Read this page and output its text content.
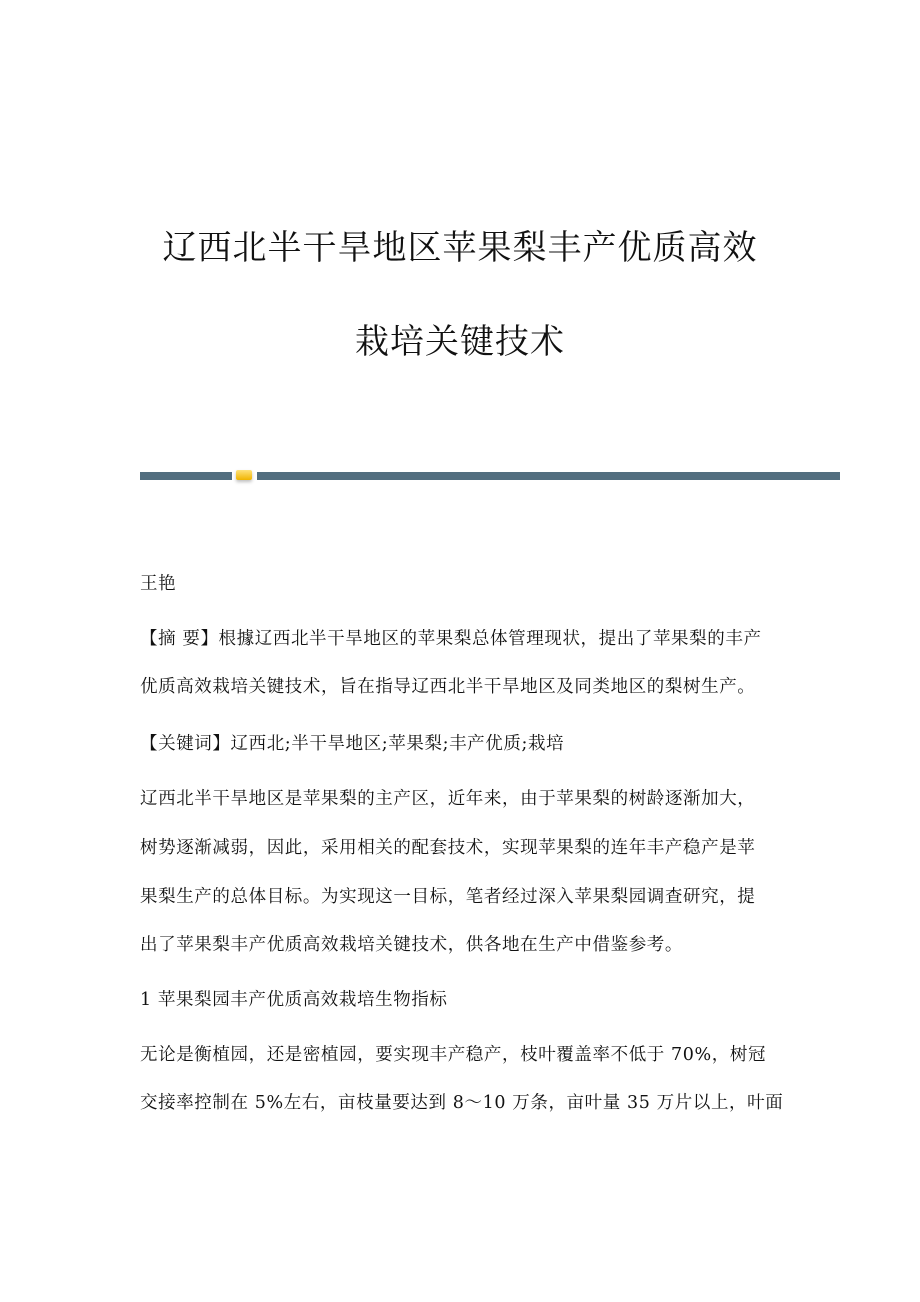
辽西北半干旱地区苹果梨丰产优质高效
栽培关键技术
王艳
【摘 要】根據辽西北半干旱地区的苹果梨总体管理现状，提出了苹果梨的丰产
优质高效栽培关键技术，旨在指导辽西北半干旱地区及同类地区的梨树生产。
【关键词】辽西北;半干旱地区;苹果梨;丰产优质;栽培
辽西北半干旱地区是苹果梨的主产区，近年来，由于苹果梨的树龄逐渐加大，
树势逐渐减弱，因此，采用相关的配套技术，实现苹果梨的连年丰产稳产是苹
果梨生产的总体目标。为实现这一目标，笔者经过深入苹果梨园调查研究，提
出了苹果梨丰产优质高效栽培关键技术，供各地在生产中借鉴参考。
1 苹果梨园丰产优质高效栽培生物指标
无论是衡植园，还是密植园，要实现丰产稳产，枝叶覆盖率不低于 70%，树冠
交接率控制在 5%左右，亩枝量要达到 8～10 万条，亩叶量 35 万片以上，叶面
